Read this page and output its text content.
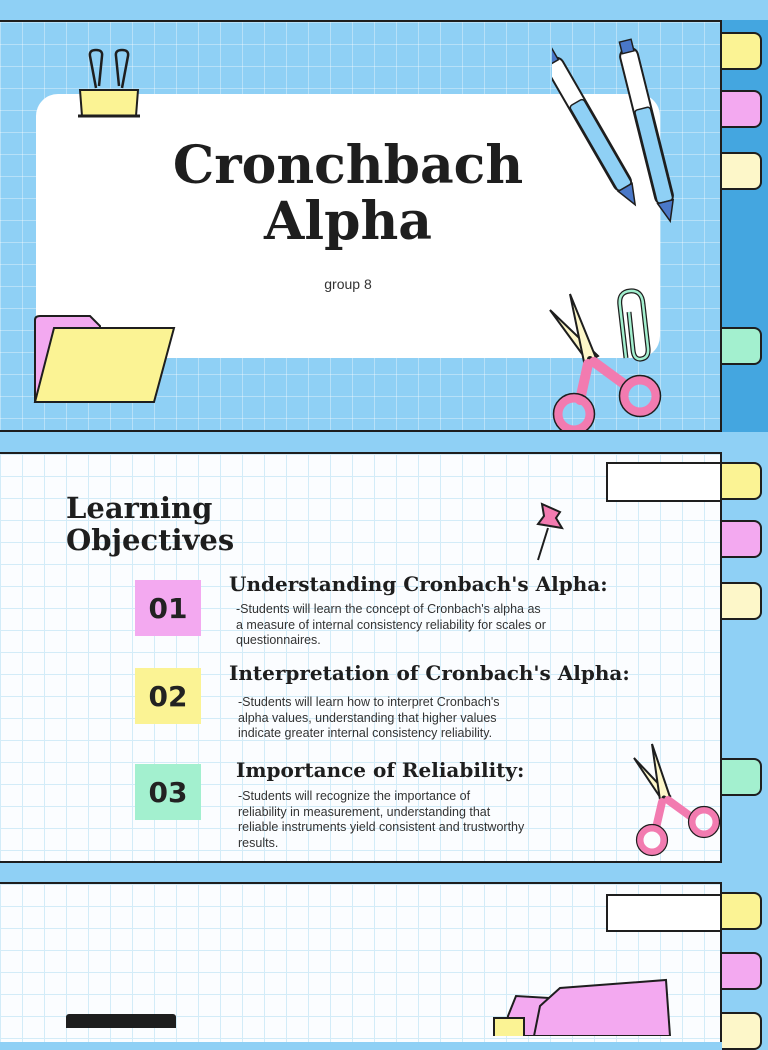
Cronchbach
Alpha
group 8
Learning
Objectives
01
Understanding Cronbach's Alpha:

-Students will learn the concept of Cronbach's alpha as
a measure of internal consistency reliability for scales or
questionnaires.

02
Interpretation of Cronbach's Alpha:

-Students will learn how to interpret Cronbach's
alpha values, understanding that higher values
indicate greater internal consistency reliability.

03
Importance of Reliability:

-Students will recognize the importance of
reliability in measurement, understanding that
reliable instruments yield consistent and trustworthy
results.
